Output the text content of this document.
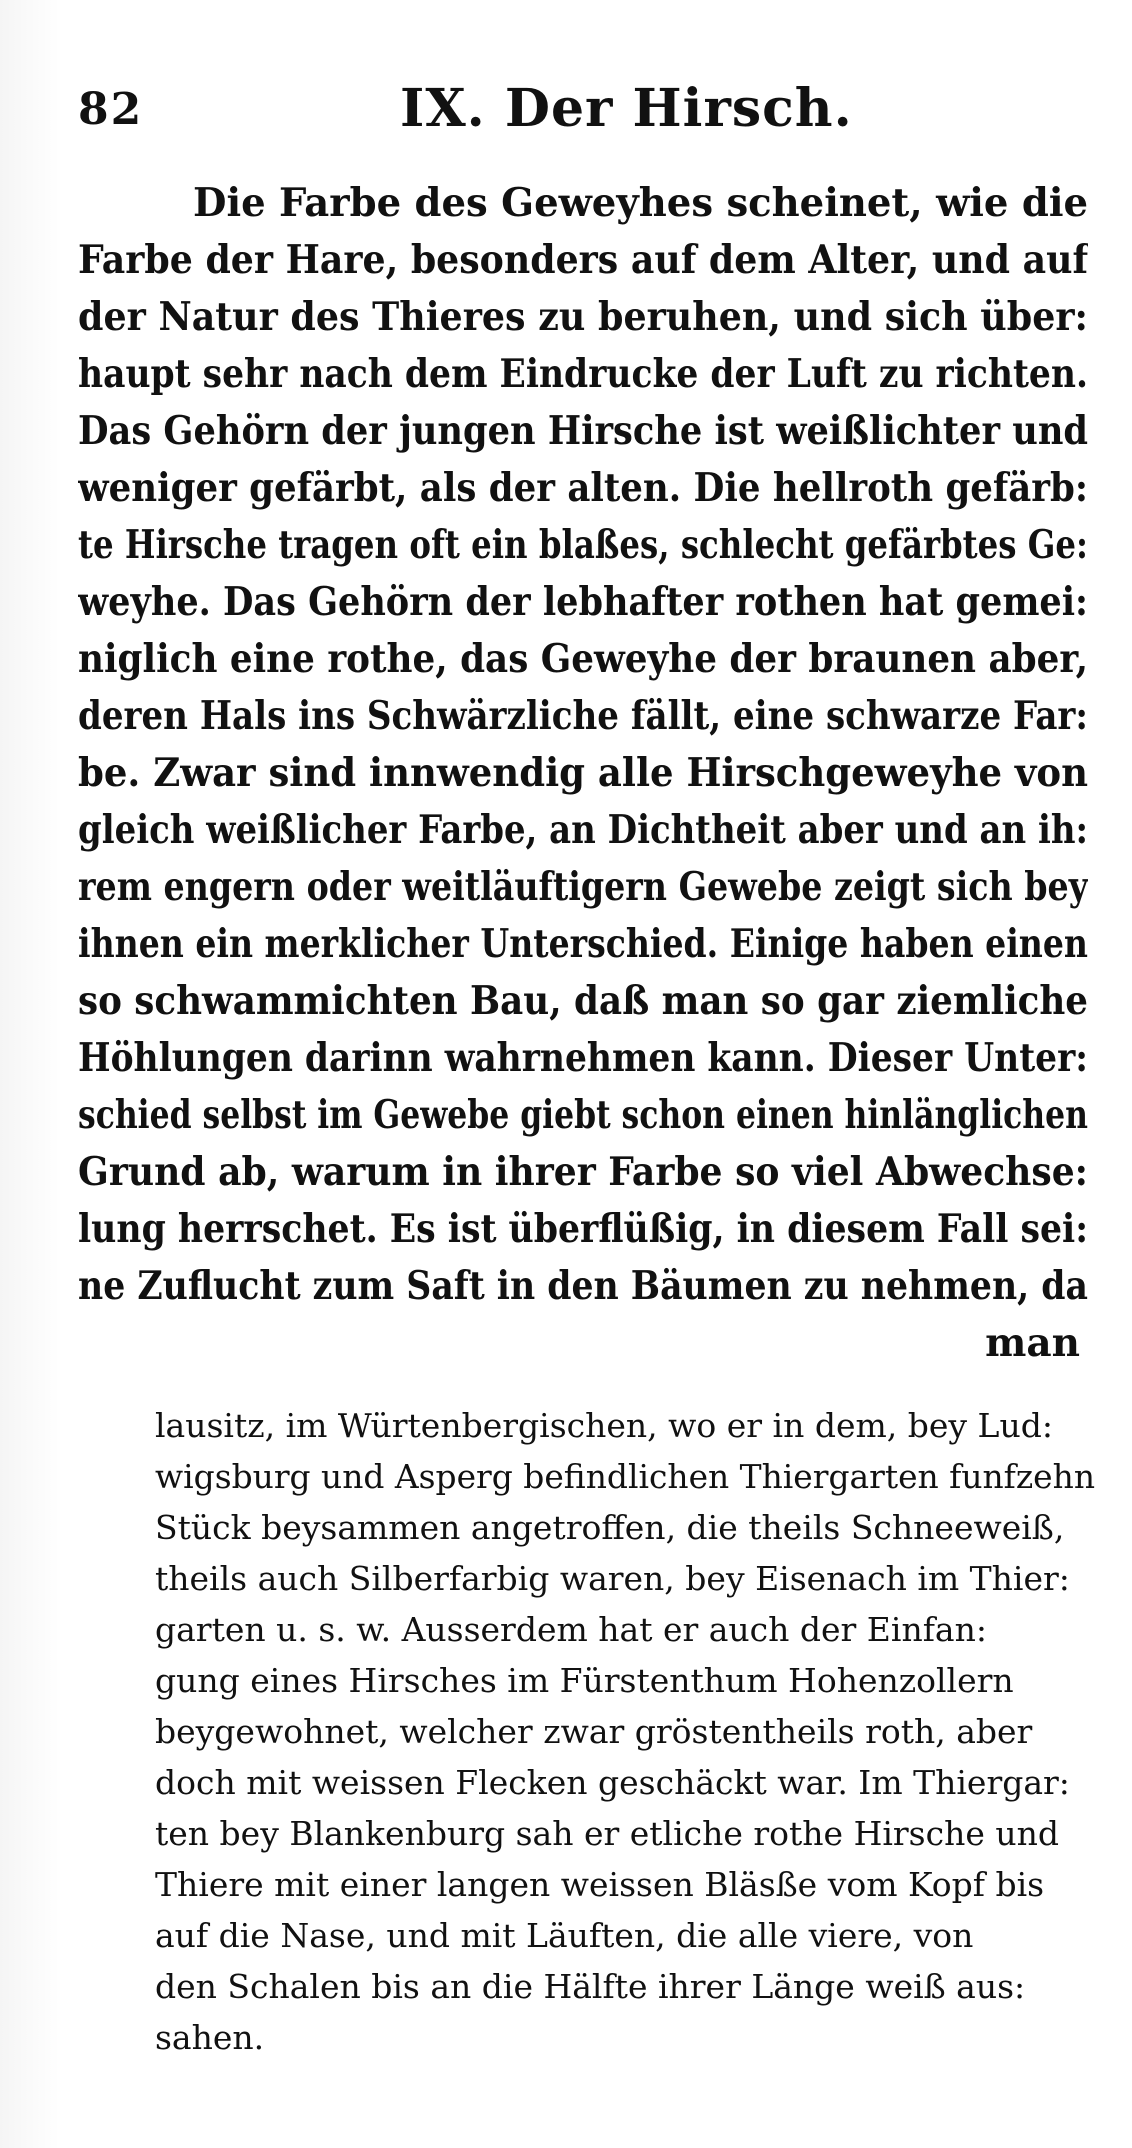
82	IX. Der Hirsch.
Die Farbe des Geweyhes scheinet, wie die
Farbe der Hare, besonders auf dem Alter, und auf
der Natur des Thieres zu beruhen, und sich über:
haupt sehr nach dem Eindrucke der Luft zu richten.
Das Gehörn der jungen Hirsche ist weißlichter und
weniger gefärbt, als der alten. Die hellroth gefärb:
te Hirsche tragen oft ein blaßes, schlecht gefärbtes Ge:
weyhe. Das Gehörn der lebhafter rothen hat gemei:
niglich eine rothe, das Geweyhe der braunen aber,
deren Hals ins Schwärzliche fällt, eine schwarze Far:
be. Zwar sind innwendig alle Hirschgeweyhe von
gleich weißlicher Farbe, an Dichtheit aber und an ih:
rem engern oder weitläuftigern Gewebe zeigt sich bey
ihnen ein merklicher Unterschied. Einige haben einen
so schwammichten Bau, daß man so gar ziemliche
Höhlungen darinn wahrnehmen kann. Dieser Unter:
schied selbst im Gewebe giebt schon einen hinlänglichen
Grund ab, warum in ihrer Farbe so viel Abwechse:
lung herrschet. Es ist überflüßig, in diesem Fall sei:
ne Zuflucht zum Saft in den Bäumen zu nehmen, da
man
lausitz, im Würtenbergischen, wo er in dem, bey Lud:
wigsburg und Asperg befindlichen Thiergarten funfzehn
Stück beysammen angetroffen, die theils Schneeweiß,
theils auch Silberfarbig waren, bey Eisenach im Thier:
garten u. s. w. Ausserdem hat er auch der Einfan:
gung eines Hirsches im Fürstenthum Hohenzollern
beygewohnet, welcher zwar gröstentheils roth, aber
doch mit weissen Flecken geschäckt war. Im Thiergar:
ten bey Blankenburg sah er etliche rothe Hirsche und
Thiere mit einer langen weissen Bläsße vom Kopf bis
auf die Nase, und mit Läuften, die alle viere, von
den Schalen bis an die Hälfte ihrer Länge weiß aus:
sahen.
